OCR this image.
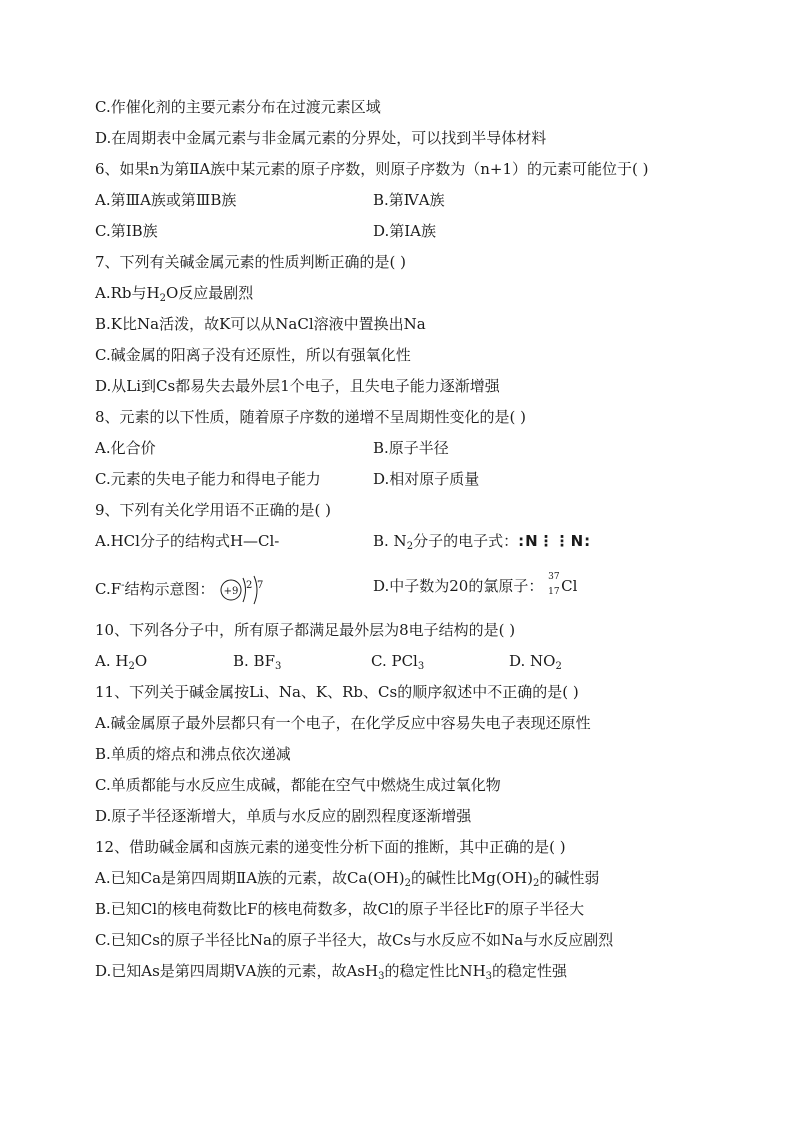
C.作催化剂的主要元素分布在过渡元素区域
D.在周期表中金属元素与非金属元素的分界处，可以找到半导体材料
6、如果n为第ⅡA族中某元素的原子序数，则原子序数为（n+1）的元素可能位于( )
A.第ⅢA族或第ⅢB族	B.第ⅣA族
C.第ⅠB族	D.第ⅠA族
7、下列有关碱金属元素的性质判断正确的是( )
A.Rb与$H_2O$反应最剧烈
B.K比Na活泼，故K可以从NaCl溶液中置换出Na
C.碱金属的阳离子没有还原性，所以有强氧化性
D.从Li到Cs都易失去最外层1个电子，且失电子能力逐渐增强
8、元素的以下性质，随着原子序数的递增不呈周期性变化的是( )
A.化合价	B.原子半径
C.元素的失电子能力和得电子能力	D.相对原子质量
9、下列有关化学用语不正确的是( )
A.HCl分子的结构式H—Cl-	B. $N_2$分子的电子式：:N⋮⋮N:
C.F-结构示意图： +9
2 7	D.中子数为20的氯原子： 37
17 Cl
10、下列各分子中，所有原子都满足最外层为8电子结构的是( )
A. $H_2O$	B. $BF_3$	C. PCl$_3$	D. $NO_2$
11、下列关于碱金属按Li、Na、K、Rb、Cs的顺序叙述中不正确的是( )
A.碱金属原子最外层都只有一个电子，在化学反应中容易失电子表现还原性
B.单质的熔点和沸点依次递减
C.单质都能与水反应生成碱，都能在空气中燃烧生成过氧化物
D.原子半径逐渐增大，单质与水反应的剧烈程度逐渐增强
12、借助碱金属和卤族元素的递变性分析下面的推断，其中正确的是( )
A.已知Ca是第四周期ⅡA族的元素，故$Ca(OH)_2$的碱性比$Mg(OH)_2$的碱性弱
B.已知Cl的核电荷数比F的核电荷数多，故Cl的原子半径比F的原子半径大
C.已知Cs的原子半径比Na的原子半径大，故Cs与水反应不如Na与水反应剧烈
D.已知As是第四周期ⅤA族的元素，故AsH$_3$的稳定性比$NH_3$的稳定性强
